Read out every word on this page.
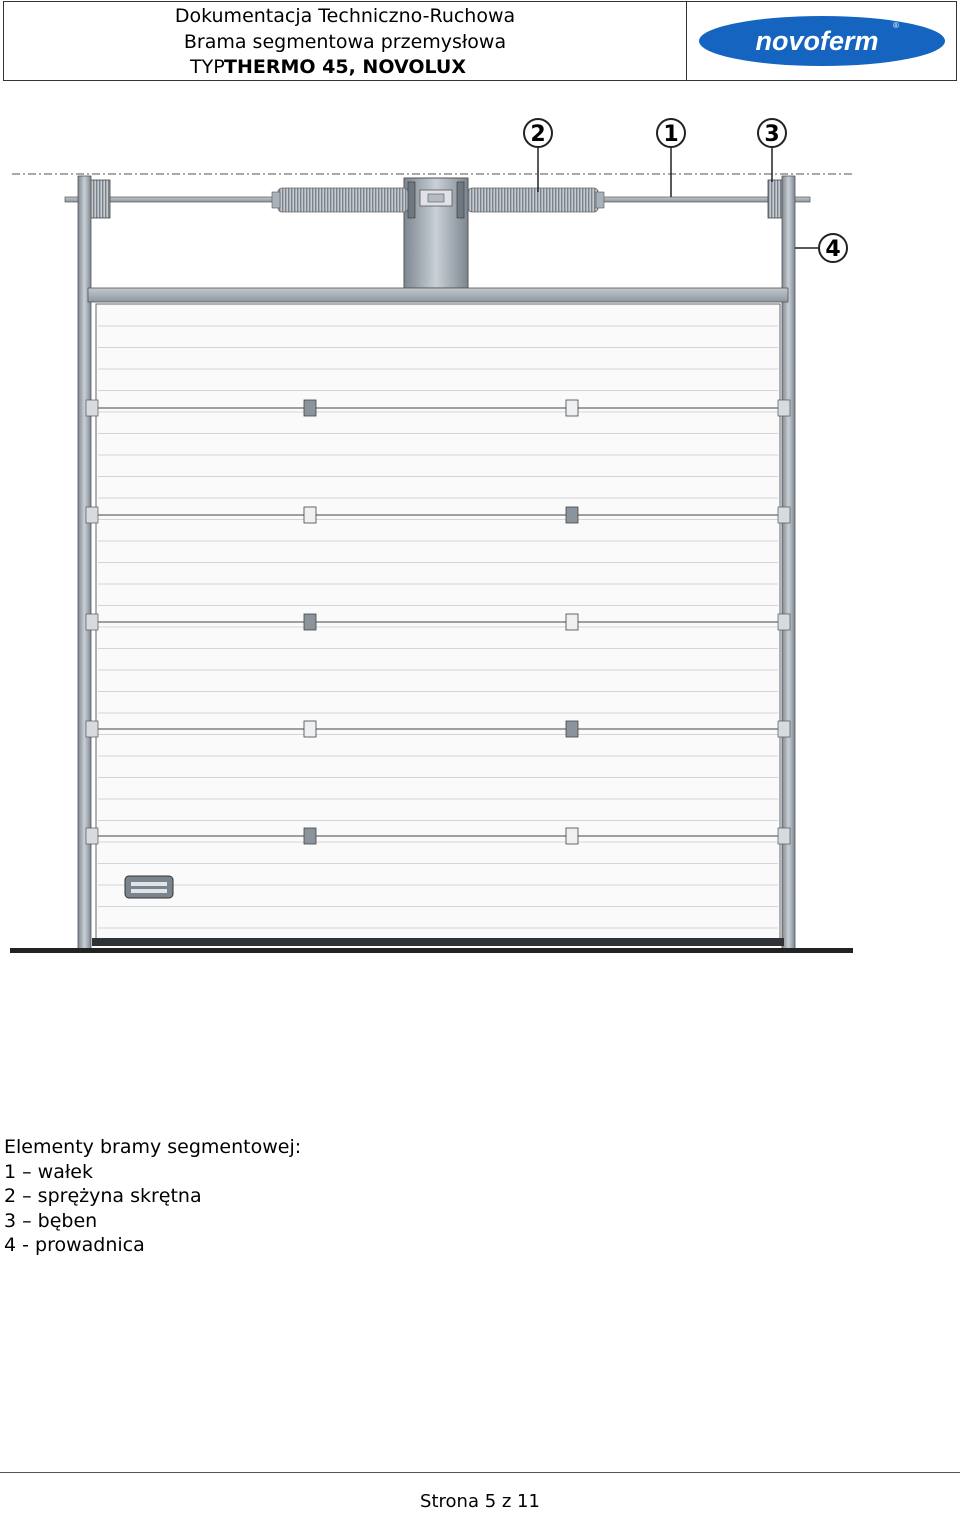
Dokumentacja Techniczno-Ruchowa
Brama segmentowa przemysłowa
TYP THERMO 45, NOVOLUX
novoferm
®
2	1	3
4
Elementy bramy segmentowej:
1 – wałek
2 – sprężyna skrętna
3 – bęben
4 - prowadnica
Strona 5 z 11
